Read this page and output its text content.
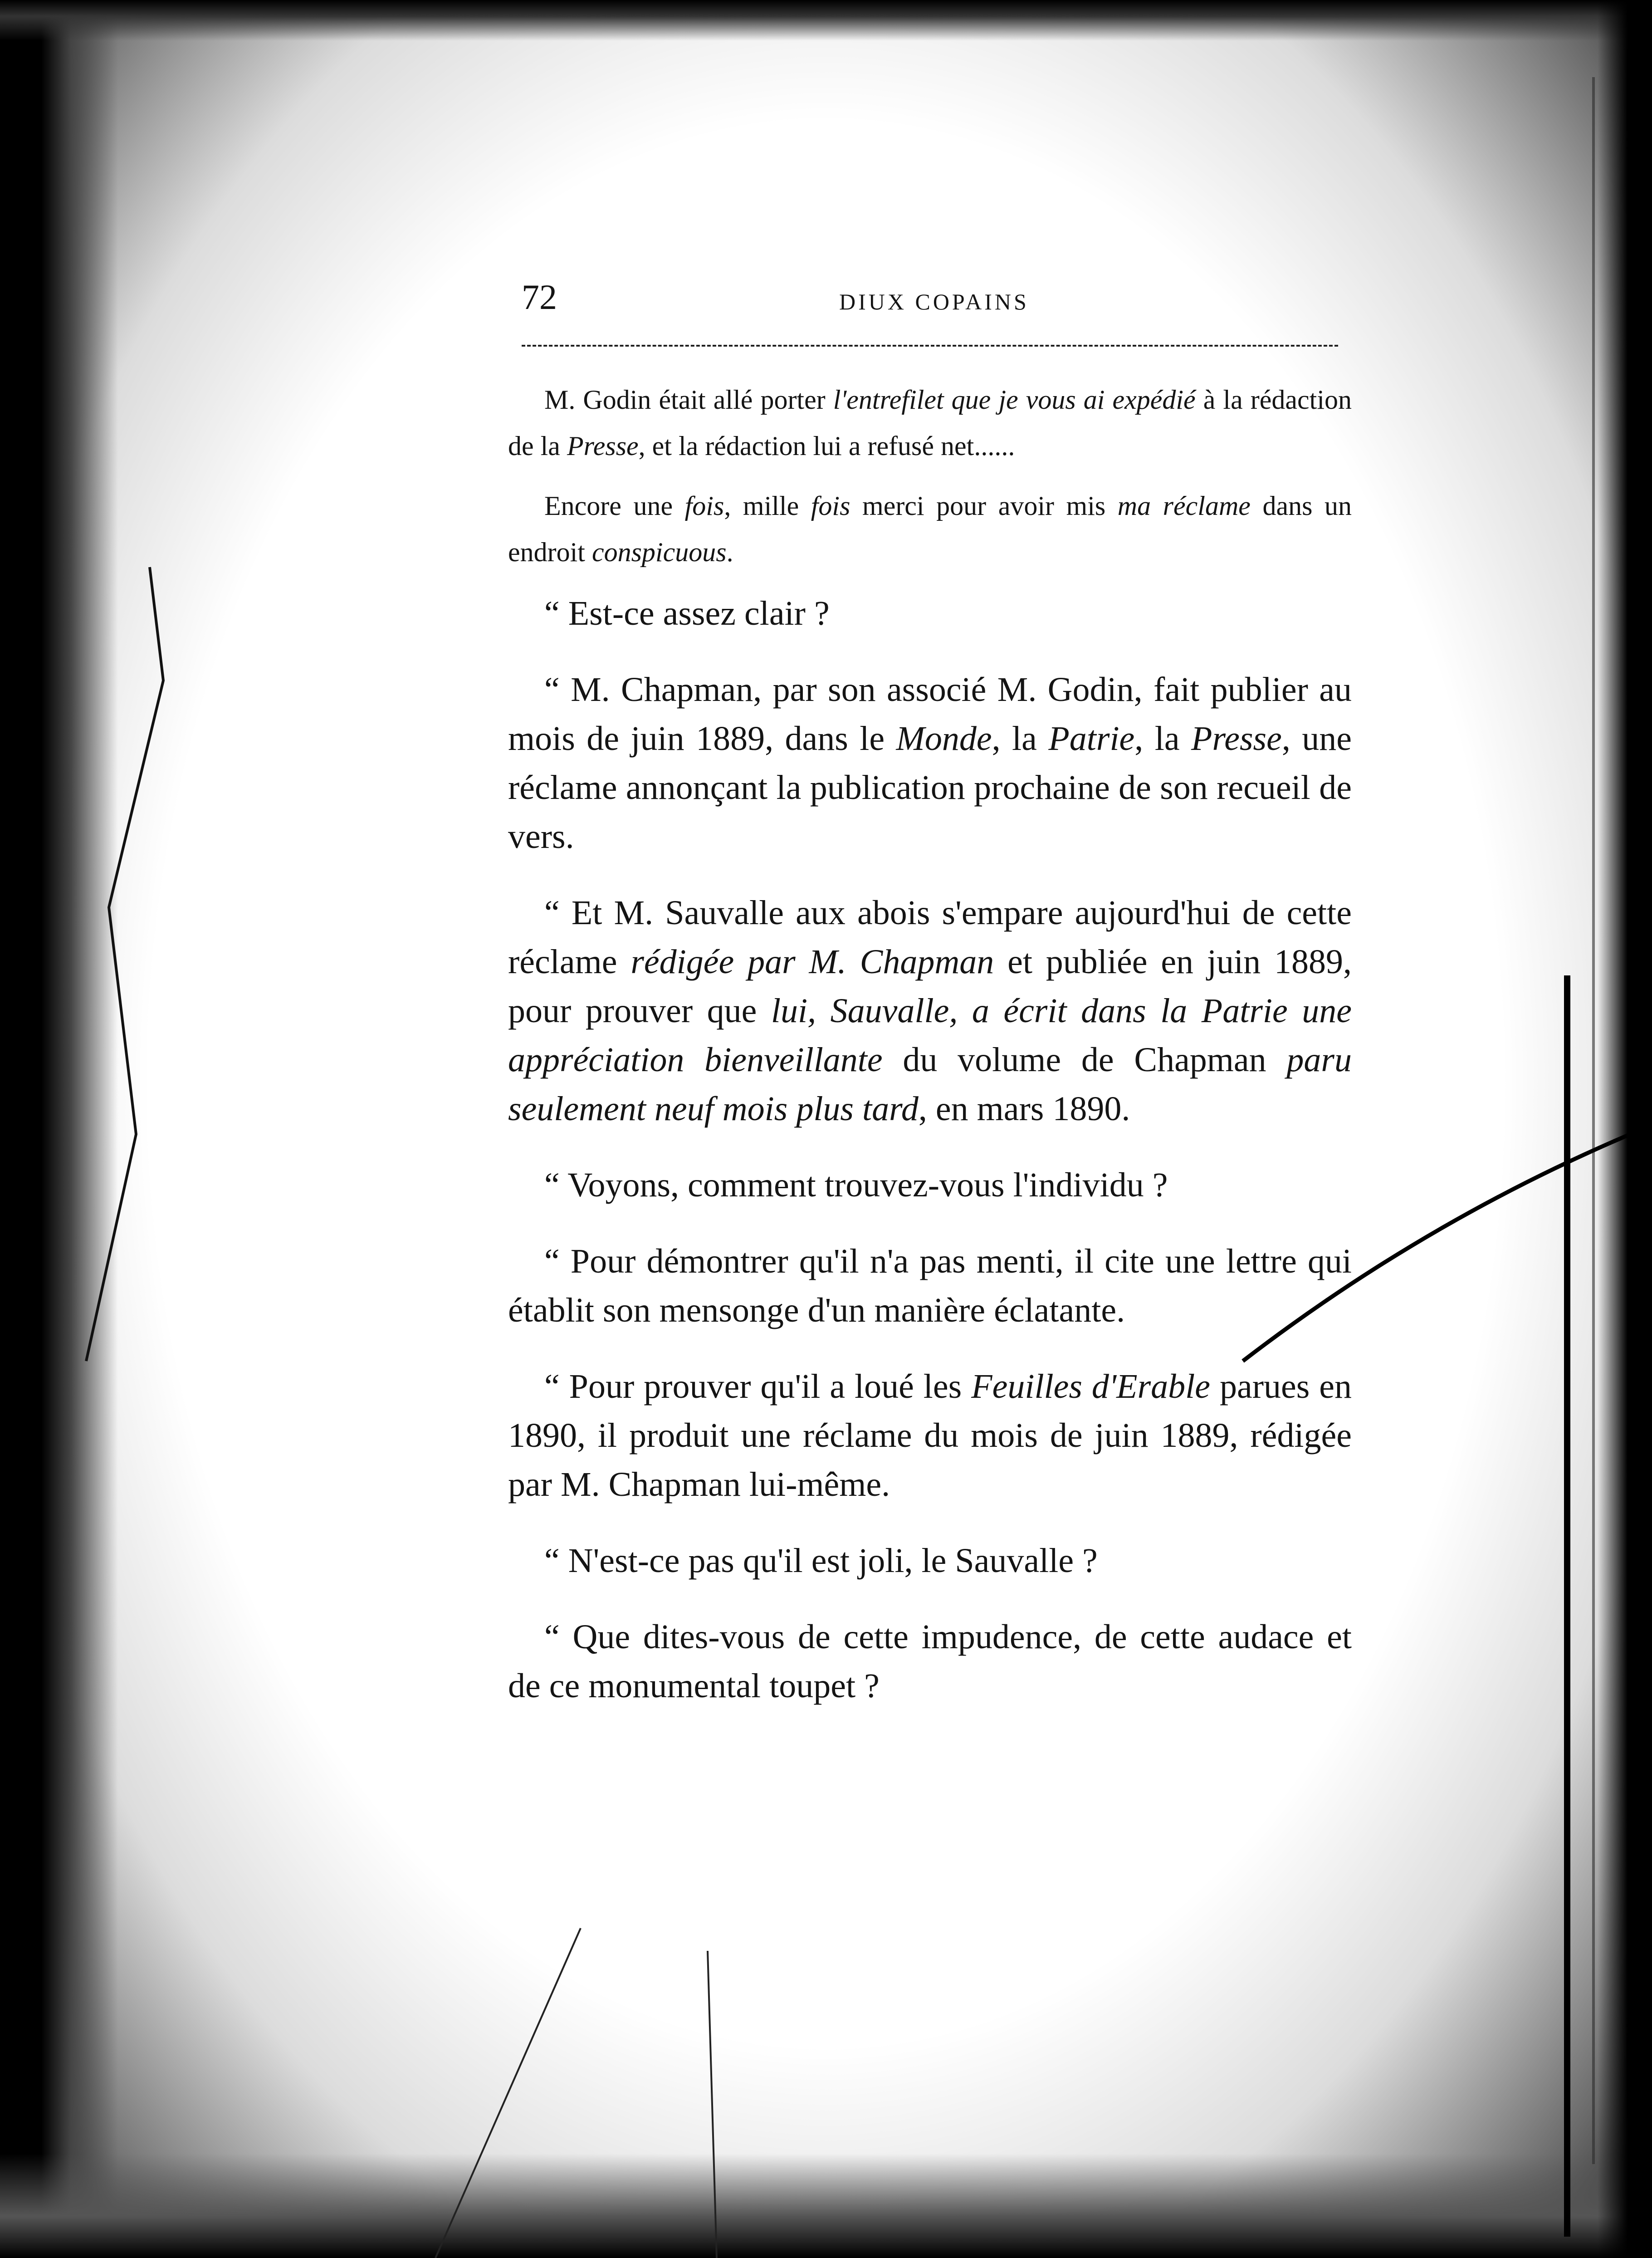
72	DIUX COPAINS

M. Godin était allé porter l'entrefilet que je vous ai expédié à la rédaction de la Presse, et la rédaction lui a refusé net......

Encore une fois, mille fois merci pour avoir mis ma réclame dans un endroit conspicuous.

“ Est-ce assez clair ?

“ M. Chapman, par son associé M. Godin, fait publier au mois de juin 1889, dans le Monde, la Patrie, la Presse, une réclame annonçant la publication prochaine de son recueil de vers.

“ Et M. Sauvalle aux abois s'empare aujourd'hui de cette réclame rédigée par M. Chapman et publiée en juin 1889, pour prouver que lui, Sauvalle, a écrit dans la Patrie une appréciation bienveillante du volume de Chapman paru seulement neuf mois plus tard, en mars 1890.

“ Voyons, comment trouvez-vous l'individu ?

“ Pour démontrer qu'il n'a pas menti, il cite une lettre qui établit son mensonge d'un manière éclatante.

“ Pour prouver qu'il a loué les Feuilles d'Erable parues en 1890, il produit une réclame du mois de juin 1889, rédigée par M. Chapman lui-même.

“ N'est-ce pas qu'il est joli, le Sauvalle ?

“ Que dites-vous de cette impudence, de cette audace et de ce monumental toupet ?
